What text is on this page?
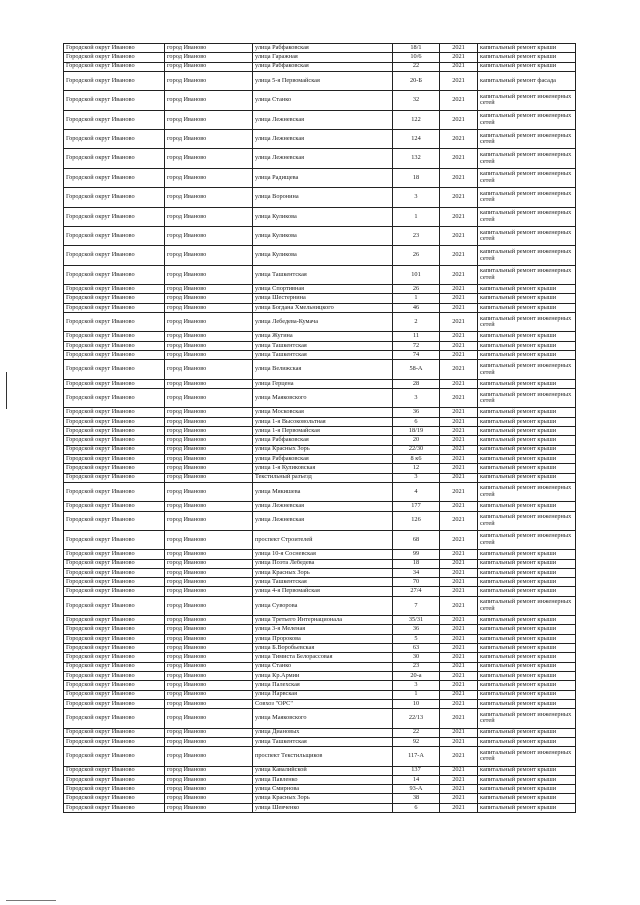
Городской округ Иваново	город Иваново	улица Рабфаковская	18/1	2021	капитальный ремонт крыши
Городской округ Иваново	город Иваново	улица Гаражная	10/6	2021	капитальный ремонт крыши
Городской округ Иваново	город Иваново	улица Рабфаковская	22	2021	капитальный ремонт крыши
Городской округ Иваново	город Иваново	улица 5-я Первомайская	20-Б	2021	капитальный ремонт фасада
Городской округ Иваново	город Иваново	улица Станко	32	2021	капитальный ремонт инженерных сетей
Городской округ Иваново	город Иваново	улица Лежневская	122	2021	капитальный ремонт инженерных сетей
Городской округ Иваново	город Иваново	улица Лежневская	124	2021	капитальный ремонт инженерных сетей
Городской округ Иваново	город Иваново	улица Лежневская	132	2021	капитальный ремонт инженерных сетей
Городской округ Иваново	город Иваново	улица Радищева	18	2021	капитальный ремонт инженерных сетей
Городской округ Иваново	город Иваново	улица Воронина	3	2021	капитальный ремонт инженерных сетей
Городской округ Иваново	город Иваново	улица Куликова	1	2021	капитальный ремонт инженерных сетей
Городской округ Иваново	город Иваново	улица Куликова	23	2021	капитальный ремонт инженерных сетей
Городской округ Иваново	город Иваново	улица Куликова	26	2021	капитальный ремонт инженерных сетей
Городской округ Иваново	город Иваново	улица Ташкентская	101	2021	капитальный ремонт инженерных сетей
Городской округ Иваново	город Иваново	улица Спортивная	26	2021	капитальный ремонт крыши
Городской округ Иваново	город Иваново	улица Шестернина	1	2021	капитальный ремонт крыши
Городской округ Иваново	город Иваново	улица Богдана Хмельницкого	46	2021	капитальный ремонт крыши
Городской округ Иваново	город Иваново	улица Лебедева-Кумача	2	2021	капитальный ремонт инженерных сетей
Городской округ Иваново	город Иваново	улица Жугина	11	2021	капитальный ремонт крыши
Городской округ Иваново	город Иваново	улица Ташкентская	72	2021	капитальный ремонт крыши
Городской округ Иваново	город Иваново	улица Ташкентская	74	2021	капитальный ремонт крыши
Городской округ Иваново	город Иваново	улица Велижская	58-А	2021	капитальный ремонт инженерных сетей
Городской округ Иваново	город Иваново	улица Герцена	28	2021	капитальный ремонт крыши
Городской округ Иваново	город Иваново	улица Маяковского	3	2021	капитальный ремонт инженерных сетей
Городской округ Иваново	город Иваново	улица Московская	36	2021	капитальный ремонт крыши
Городской округ Иваново	город Иваново	улица 1-я Высоковольтная	6	2021	капитальный ремонт крыши
Городской округ Иваново	город Иваново	улица 1-я Первомайская	18/19	2021	капитальный ремонт крыши
Городской округ Иваново	город Иваново	улица Рабфаковская	20	2021	капитальный ремонт крыши
Городской округ Иваново	город Иваново	улица Красных Зорь	22/30	2021	капитальный ремонт крыши
Городской округ Иваново	город Иваново	улица Рабфаковская	8 к6	2021	капитальный ремонт крыши
Городской округ Иваново	город Иваново	улица 1-я Куликовская	12	2021	капитальный ремонт крыши
Городской округ Иваново	город Иваново	Текстильный разъезд	3	2021	капитальный ремонт крыши
Городской округ Иваново	город Иваново	улица Мякишева	4	2021	капитальный ремонт инженерных сетей
Городской округ Иваново	город Иваново	улица Лежневская	177	2021	капитальный ремонт крыши
Городской округ Иваново	город Иваново	улица Лежневская	126	2021	капитальный ремонт инженерных сетей
Городской округ Иваново	город Иваново	проспект Строителей	68	2021	капитальный ремонт инженерных сетей
Городской округ Иваново	город Иваново	улица 10-я Сосневская	99	2021	капитальный ремонт крыши
Городской округ Иваново	город Иваново	улица Поэта Лебедева	18	2021	капитальный ремонт крыши
Городской округ Иваново	город Иваново	улица Красных Зорь	34	2021	капитальный ремонт крыши
Городской округ Иваново	город Иваново	улица Ташкентская	70	2021	капитальный ремонт крыши
Городской округ Иваново	город Иваново	улица 4-я Первомайская	27/4	2021	капитальный ремонт крыши
Городской округ Иваново	город Иваново	улица Суворова	7	2021	капитальный ремонт инженерных сетей
Городской округ Иваново	город Иваново	улица Третьего Интернационала	35/31	2021	капитальный ремонт крыши
Городской округ Иваново	город Иваново	улица 3-я Меленая	36	2021	капитальный ремонт крыши
Городской округ Иваново	город Иваново	улица Пророкова	5	2021	капитальный ремонт крыши
Городской округ Иваново	город Иваново	улица Б.Воробьевская	63	2021	капитальный ремонт крыши
Городской округ Иваново	город Иваново	улица Тимиста Белорассовая	30	2021	капитальный ремонт крыши
Городской округ Иваново	город Иваново	улица Станко	23	2021	капитальный ремонт крыши
Городской округ Иваново	город Иваново	улица Кр.Армии	20-а	2021	капитальный ремонт крыши
Городской округ Иваново	город Иваново	улица Палехская	3	2021	капитальный ремонт крыши
Городской округ Иваново	город Иваново	улица Нарвская	1	2021	капитальный ремонт крыши
Городской округ Иваново	город Иваново	Совхоз "ОРС"	10	2021	капитальный ремонт крыши
Городской округ Иваново	город Иваново	улица Маяковского	22/13	2021	капитальный ремонт инженерных сетей
Городской округ Иваново	город Иваново	улица Диановых	22	2021	капитальный ремонт крыши
Городской округ Иваново	город Иваново	улица Ташкентская	92	2021	капитальный ремонт крыши
Городской округ Иваново	город Иваново	проспект Текстильщиков	117-А	2021	капитальный ремонт инженерных сетей
Городской округ Иваново	город Иваново	улица Кавалийской	137	2021	капитальный ремонт крыши
Городской округ Иваново	город Иваново	улица Павленко	14	2021	капитальный ремонт крыши
Городской округ Иваново	город Иваново	улица Смирнова	93-А	2021	капитальный ремонт крыши
Городской округ Иваново	город Иваново	улица Красных Зорь	38	2021	капитальный ремонт крыши
Городской округ Иваново	город Иваново	улица Шевченко	6	2021	капитальный ремонт крыши
